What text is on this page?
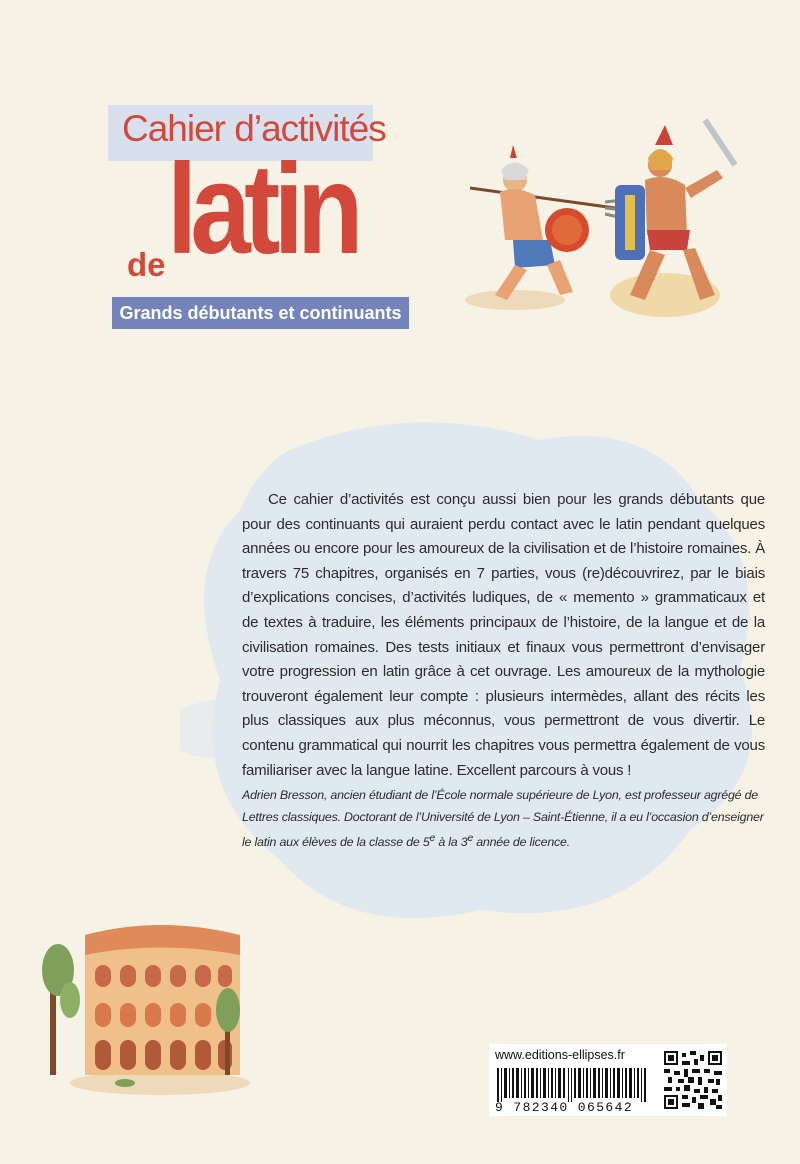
Cahier d’activités
latin
de
Grands débutants et continuants
Ce cahier d’activités est conçu aussi bien pour les grands débutants que pour des continuants qui auraient perdu contact avec le latin pendant quelques années ou encore pour les amoureux de la civilisation et de l’histoire romaines. À travers 75 chapitres, organisés en 7 parties, vous (re)découvrirez, par le biais d’explications concises, d’activités ludiques, de « memento » grammaticaux et de textes à traduire, les éléments principaux de l’histoire, de la langue et de la civilisation romaines. Des tests initiaux et finaux vous permettront d’envisager votre progression en latin grâce à cet ouvrage. Les amoureux de la mythologie trouveront également leur compte : plusieurs intermèdes, allant des récits les plus classiques aux plus méconnus, vous permettront de vous divertir. Le contenu grammatical qui nourrit les chapitres vous permettra également de vous familiariser avec la langue latine. Excellent parcours à vous !
Adrien Bresson, ancien étudiant de l’École normale supérieure de Lyon, est professeur agrégé de Lettres classiques. Doctorant de l’Université de Lyon – Saint-Étienne, il a eu l’occasion d’enseigner le latin aux élèves de la classe de 5e à la 3e année de licence.
www.editions-ellipses.fr
9 782340 065642
